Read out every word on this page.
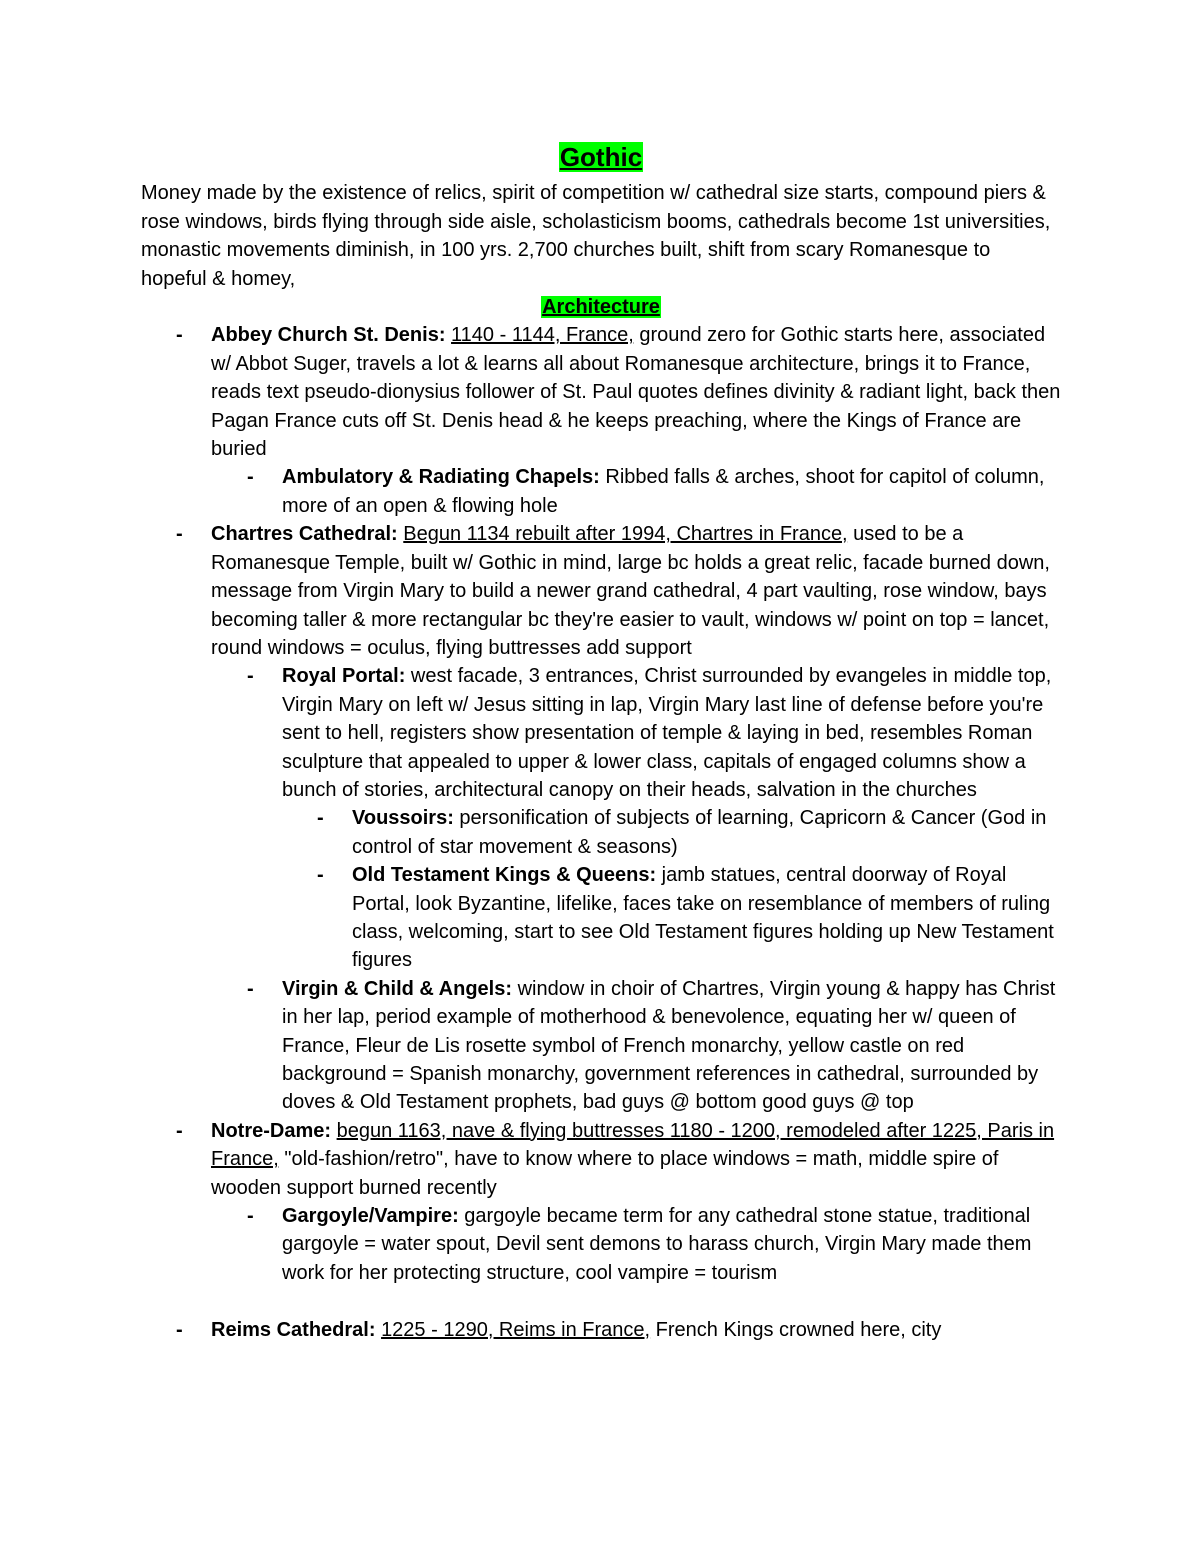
Gothic

Money made by the existence of relics, spirit of competition w/ cathedral size starts, compound piers & rose windows, birds flying through side aisle, scholasticism booms, cathedrals become 1st universities, monastic movements diminish, in 100 yrs. 2,700 churches built, shift from scary Romanesque to hopeful & homey,

Architecture
- Abbey Church St. Denis: 1140 - 1144, France, ground zero for Gothic starts here, associated w/ Abbot Suger, travels a lot & learns all about Romanesque architecture, brings it to France, reads text pseudo-dionysius follower of St. Paul quotes defines divinity & radiant light, back then Pagan France cuts off St. Denis head & he keeps preaching, where the Kings of France are buried
- Ambulatory & Radiating Chapels: Ribbed falls & arches, shoot for capitol of column, more of an open & flowing hole
- Chartres Cathedral: Begun 1134 rebuilt after 1994, Chartres in France, used to be a Romanesque Temple, built w/ Gothic in mind, large bc holds a great relic, facade burned down, message from Virgin Mary to build a newer grand cathedral, 4 part vaulting, rose window, bays becoming taller & more rectangular bc they're easier to vault, windows w/ point on top = lancet, round windows = oculus, flying buttresses add support
- Royal Portal: west facade, 3 entrances, Christ surrounded by evangeles in middle top, Virgin Mary on left w/ Jesus sitting in lap, Virgin Mary last line of defense before you're sent to hell, registers show presentation of temple & laying in bed, resembles Roman sculpture that appealed to upper & lower class, capitals of engaged columns show a bunch of stories, architectural canopy on their heads, salvation in the churches
- Voussoirs: personification of subjects of learning, Capricorn & Cancer (God in control of star movement & seasons)
- Old Testament Kings & Queens: jamb statues, central doorway of Royal Portal, look Byzantine, lifelike, faces take on resemblance of members of ruling class, welcoming, start to see Old Testament figures holding up New Testament figures
- Virgin & Child & Angels: window in choir of Chartres, Virgin young & happy has Christ in her lap, period example of motherhood & benevolence, equating her w/ queen of France, Fleur de Lis rosette symbol of French monarchy, yellow castle on red background = Spanish monarchy, government references in cathedral, surrounded by doves & Old Testament prophets, bad guys @ bottom good guys @ top
- Notre-Dame: begun 1163, nave & flying buttresses 1180 - 1200, remodeled after 1225, Paris in France, "old-fashion/retro", have to know where to place windows = math, middle spire of wooden support burned recently
- Gargoyle/Vampire: gargoyle became term for any cathedral stone statue, traditional gargoyle = water spout, Devil sent demons to harass church, Virgin Mary made them work for her protecting structure, cool vampire = tourism
- Reims Cathedral: 1225 - 1290, Reims in France, French Kings crowned here, city
